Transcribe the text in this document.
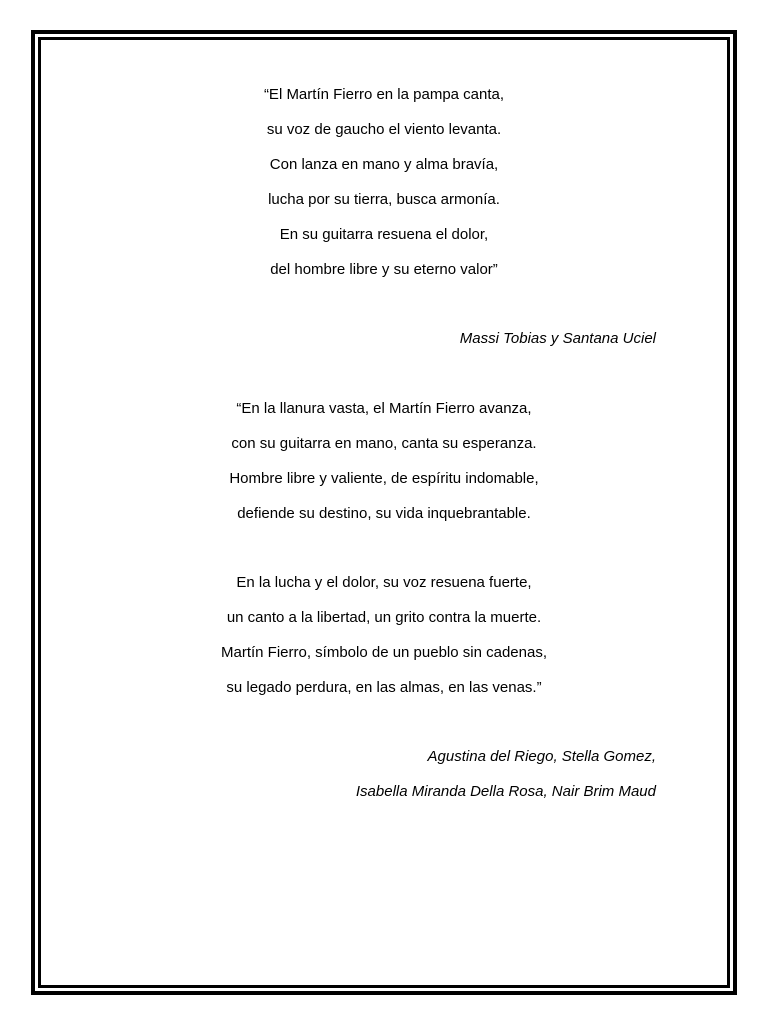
“El Martín Fierro en la pampa canta,
su voz de gaucho el viento levanta.
Con lanza en mano y alma bravía,
lucha por su tierra, busca armonía.
En su guitarra resuena el dolor,
del hombre libre y su eterno valor”
Massi Tobias y Santana Uciel
“En la llanura vasta, el Martín Fierro avanza,
con su guitarra en mano, canta su esperanza.
Hombre libre y valiente, de espíritu indomable,
defiende su destino, su vida inquebrantable.
En la lucha y el dolor, su voz resuena fuerte,
un canto a la libertad, un grito contra la muerte.
Martín Fierro, símbolo de un pueblo sin cadenas,
su legado perdura, en las almas, en las venas.”
Agustina del Riego, Stella Gomez,
Isabella Miranda Della Rosa, Nair Brim Maud
